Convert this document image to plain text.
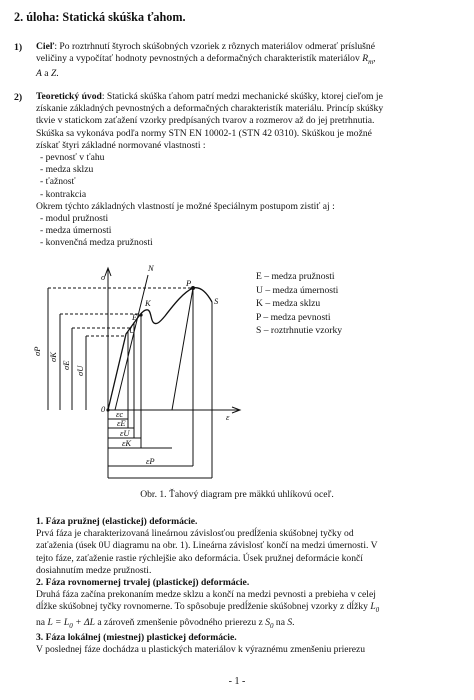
2. úloha: Statická skúška ťahom.
1) Cieľ: Po roztrhnutí štyroch skúšobných vzoriek z rôznych materiálov odmerať príslušné
veličiny a vypočítať hodnoty pevnostných a deformačných charakteristík materiálov $R_m$,
A a Z.
2) Teoretický úvod: Statická skúška ťahom patrí medzi mechanické skúšky, ktorej cieľom je
získanie základných pevnostných a deformačných charakteristík materiálu. Princíp skúšky
tkvie v statickom zaťažení vzorky predpísaných tvarov a rozmerov až do jej pretrhnutia.
Skúška sa vykonáva podľa normy STN EN 10002-1 (STN 42 0310). Skúškou je možné
získať štyri základné normované vlastnosti :
- pevnosť v ťahu
- medza sklzu
- ťažnosť
- kontrakcia
Okrem týchto základných vlastností je možné špeciálnym postupom zistiť aj :
- modul pružnosti
- medza úmernosti
- konvenčná medza pružnosti
σ
ε
N
P
K	S
E
U
0
σP
σK
σE
σU
εc
εE
εU
εK
εP
E – medza pružnosti
U – medza úmernosti
K – medza sklzu
P – medza pevnosti
S – roztrhnutie vzorky
Obr. 1. Ťahový diagram pre mäkkú uhlíkovú oceľ.
1. Fáza pružnej (elastickej) deformácie.
Prvá fáza je charakterizovaná lineárnou závislosťou predĺženia skúšobnej tyčky od
zaťaženia (úsek 0U diagramu na obr. 1). Lineárna závislosť končí na medzi úmernosti. V
tejto fáze, zaťaženie rastie rýchlejšie ako deformácia. Úsek pružnej deformácie končí
dosiahnutím medze pružnosti.
2. Fáza rovnomernej trvalej (plastickej) deformácie.
Druhá fáza začína prekonaním medze sklzu a končí na medzi pevnosti a prebieha v celej
dĺžke skúšobnej tyčky rovnomerne. To spôsobuje predĺženie skúšobnej vzorky z dĺžky $L_0$
na $L = L_0 + \Delta L$ a zároveň zmenšenie pôvodného prierezu z $S_0$ na S.
3. Fáza lokálnej (miestnej) plastickej deformácie.
V poslednej fáze dochádza u plastických materiálov k výraznému zmenšeniu prierezu
- 1 -
